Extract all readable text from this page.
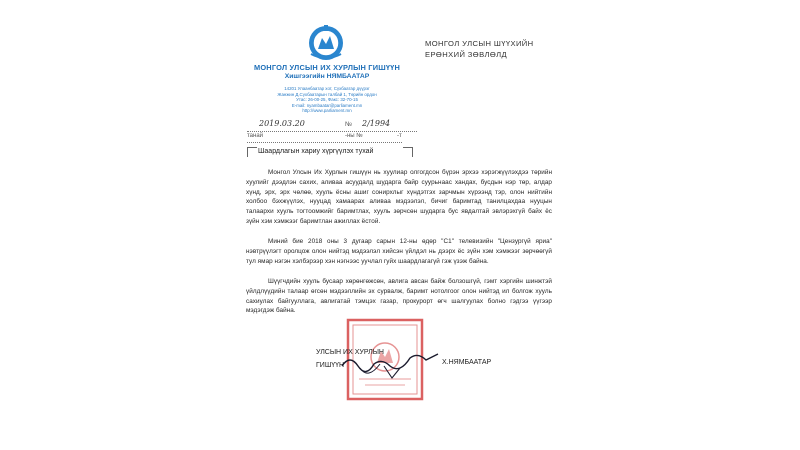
МОНГОЛ УЛСЫН ИХ ХУРЛЫН ГИШҮҮН
Хишгээгийн НЯМБААТАР
14201 Улаанбаатар хот, Сүхбаатар дүүрэг
Жанжин Д.Сүхбаатарын талбай 1, Төрийн ордон
Утас: 26-00-25, Факс: 32-70-15
E-mail: nyambaatar@parliament.mn
http://www.parliament.mn
МОНГОЛ УЛСЫН ШҮҮХИЙН
ЕРӨНХИЙ ЗӨВЛӨЛД
2019.03.20	№ 2/1994
танай	-ны №	-т
Шаардлагын хариу хүргүүлэх тухай
Монгол Улсын Их Хурлын гишүүн нь хуулиар олгогдсон бүрэн эрхээ хэрэгжүүлэхдээ төрийн хуулийг дээдлэн сахих, аливаа асуудалд шударга байр суурьнаас хандах, бусдын нэр төр, алдар хүнд, эрх, эрх чөлөө, хууль ёсны ашиг сонирхлыг хүндэтгэх зарчмын хүрээнд тэр, олон нийтийн холбоо бэхжүүлэх, нууцад хамаарах аливаа мэдээлэл, бичиг баримтад танилцахдаа нууцын талаархи хууль тогтоомжийг баримтлах, хууль зөрчсөн шударга бус явдалтай эвлэрэхгүй байх ёс зүйн хэм хэмжээг баримтлан ажиллах ёстой.
Миний бие 2018 оны 3 дугаар сарын 12-ны өдөр "С1" телевизийн "Цензургүй яриа" нэвтрүүлэгт оролцож олон нийтэд мэдээлэл хийсэн үйлдэл нь дээрх ёс зүйн хэм хэмжээг зөрчөөгүй тул ямар нэгэн хэлбэрээр хэн нэгнээс уучлал гуйх шаардлагагүй гэж үзэж байна.
Шүүгчдийн хууль бусаар хөрөнгөжсөн, авлига авсан байж болзошгүй, гэмт хэргийн шинжтэй үйлдлүүдийн талаар өгсөн мэдээллийн эх сурвалж, баримт нотолгоог олон нийтэд ил болгож хууль сахиулах байгууллага, авлигатай тэмцэх газар, прокурорт өгч шалгуулах болно гэдгээ үүгээр мэдэгдэж байна.
УЛСЫН ИХ ХУРЛЫН
ГИШҮҮН	Х.НЯМБААТАР
